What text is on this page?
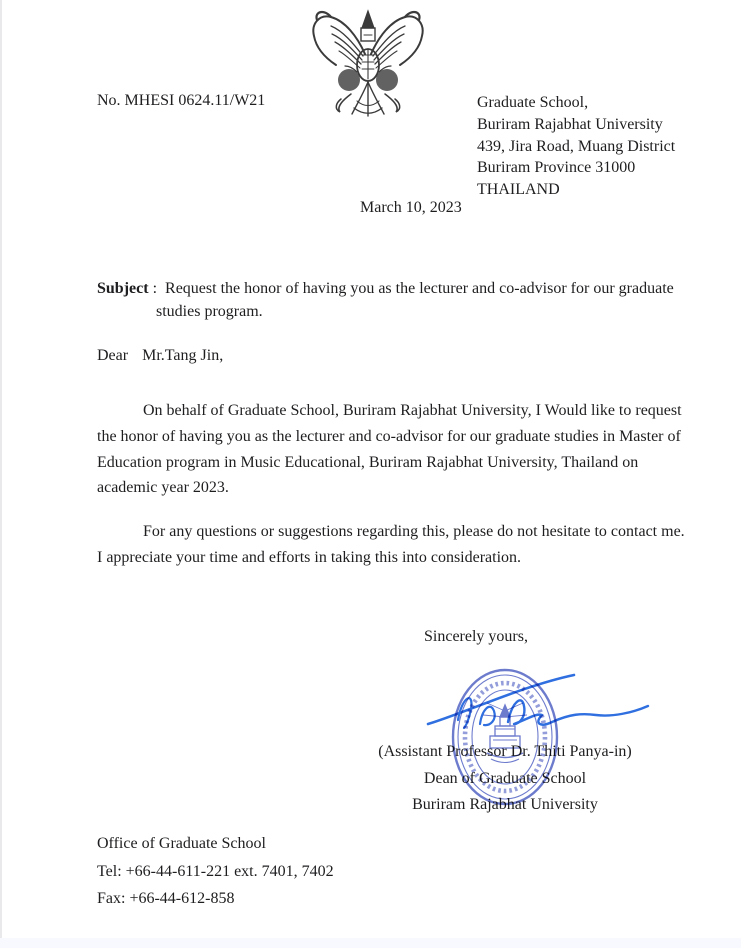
No. MHESI 0624.11/W21	Graduate School,
Buriram Rajabhat University
439, Jira Road, Muang District
Buriram Province 31000
THAILAND
March 10, 2023
Subject :  Request the honor of having you as the lecturer and co-advisor for our graduate
studies program.
Dear Mr.Tang Jin,
On behalf of Graduate School, Buriram Rajabhat University, I Would like to request
the honor of having you as the lecturer and co-advisor for our graduate studies in Master of
Education program in Music Educational, Buriram Rajabhat University, Thailand on
academic year 2023.
For any questions or suggestions regarding this, please do not hesitate to contact me.
I appreciate your time and efforts in taking this into consideration.
Sincerely yours,
(Assistant Professor Dr. Thiti Panya-in)
Dean of Graduate School
Buriram Rajabhat University
Office of Graduate School
Tel: +66-44-611-221 ext. 7401, 7402
Fax: +66-44-612-858
